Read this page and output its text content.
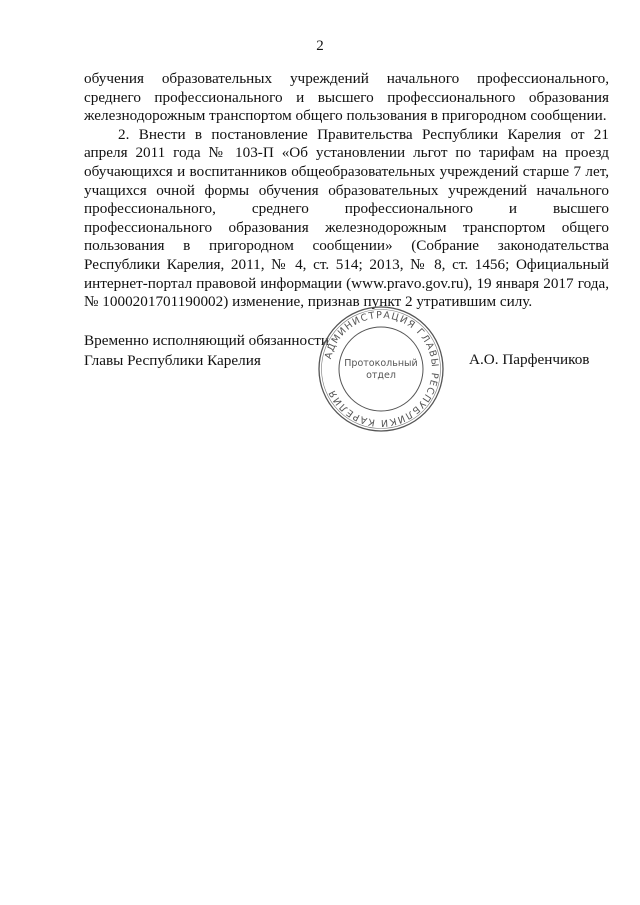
2

обучения образовательных учреждений начального профессионального, среднего профессионального и высшего профессионального образования железнодорожным транспортом общего пользования в пригородном сообщении.

2. Внести в постановление Правительства Республики Карелия от 21 апреля 2011 года № 103-П «Об установлении льгот по тарифам на проезд обучающихся и воспитанников общеобразовательных учреждений старше 7 лет, учащихся очной формы обучения образовательных учреждений начального профессионального, среднего профессионального и высшего профессионального образования железнодорожным транспортом общего пользования в пригородном сообщении» (Собрание законодательства Республики Карелия, 2011, № 4, ст. 514; 2013, № 8, ст. 1456; Официальный интернет-портал правовой информации (www.pravo.gov.ru), 19 января 2017 года, № 1000201701190002) изменение, признав пункт 2 утратившим силу.

Временно исполняющий обязанности
Главы Республики Карелия	А.О. Парфенчиков
АДМИНИСТРАЦИЯ ГЛАВЫ РЕСПУБЛИКИ КАРЕЛИЯ
Протокольный
отдел
